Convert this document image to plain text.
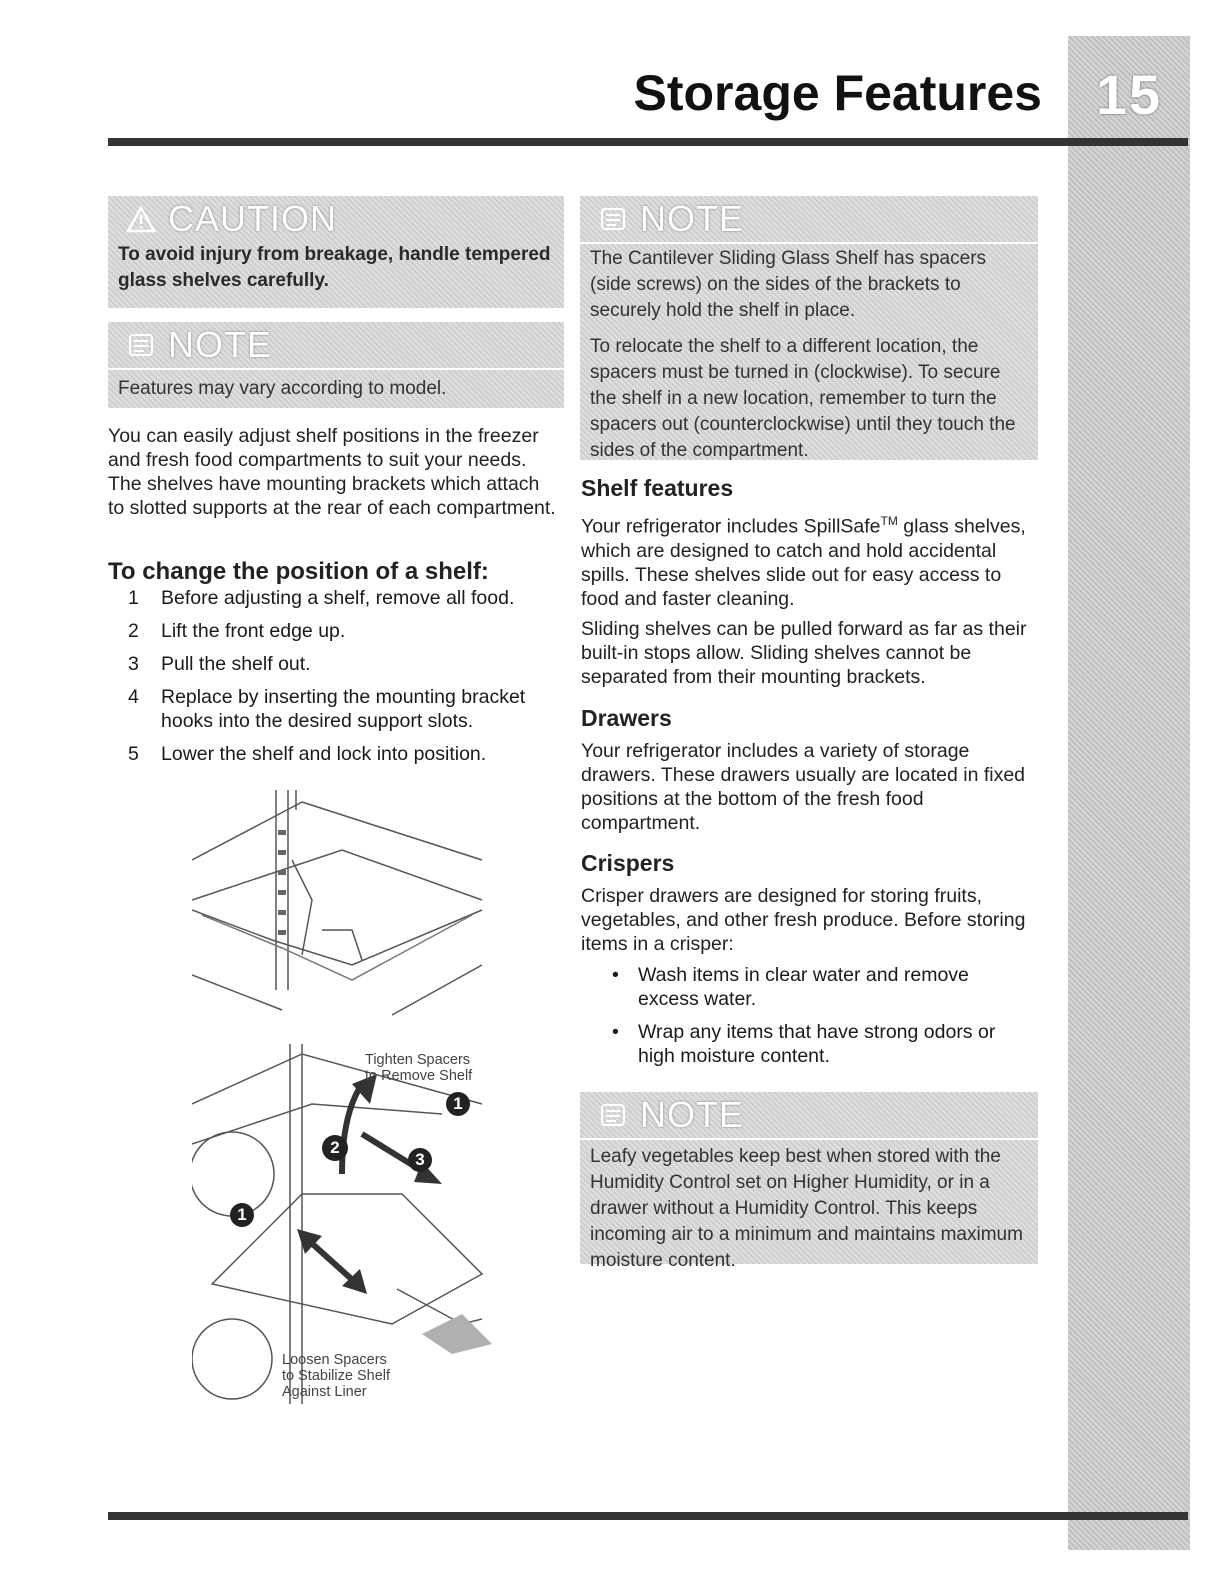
15
Storage Features
CAUTION
To avoid injury from breakage, handle tempered glass shelves carefully.
NOTE
Features may vary according to model.
You can easily adjust shelf positions in the freezer and fresh food compartments to suit your needs. The shelves have mounting brackets which attach to slotted supports at the rear of each compartment.
To change the position of a shelf:
1	Before adjusting a shelf, remove all food.
2	Lift the front edge up.
3	Pull the shelf out.
4	Replace by inserting the mounting bracket hooks into the desired support slots.
5	Lower the shelf and lock into position.
Tighten Spacers
to Remove Shelf
Loosen Spacers
to Stabilize Shelf
Against Liner
1
2
3
1
NOTE
The Cantilever Sliding Glass Shelf has spacers (side screws) on the sides of the brackets to securely hold the shelf in place.
To relocate the shelf to a different location, the spacers must be turned in (clockwise). To secure the shelf in a new location, remember to turn the spacers out (counterclockwise) until they touch the sides of the compartment.
Shelf features
Your refrigerator includes SpillSafe™ glass shelves, which are designed to catch and hold accidental spills. These shelves slide out for easy access to food and faster cleaning.
Sliding shelves can be pulled forward as far as their built-in stops allow. Sliding shelves cannot be separated from their mounting brackets.
Drawers
Your refrigerator includes a variety of storage drawers. These drawers usually are located in fixed positions at the bottom of the fresh food compartment.
Crispers
Crisper drawers are designed for storing fruits, vegetables, and other fresh produce. Before storing items in a crisper:
• Wash items in clear water and remove excess water.
• Wrap any items that have strong odors or high moisture content.
NOTE
Leafy vegetables keep best when stored with the Humidity Control set on Higher Humidity, or in a drawer without a Humidity Control. This keeps incoming air to a minimum and maintains maximum moisture content.
